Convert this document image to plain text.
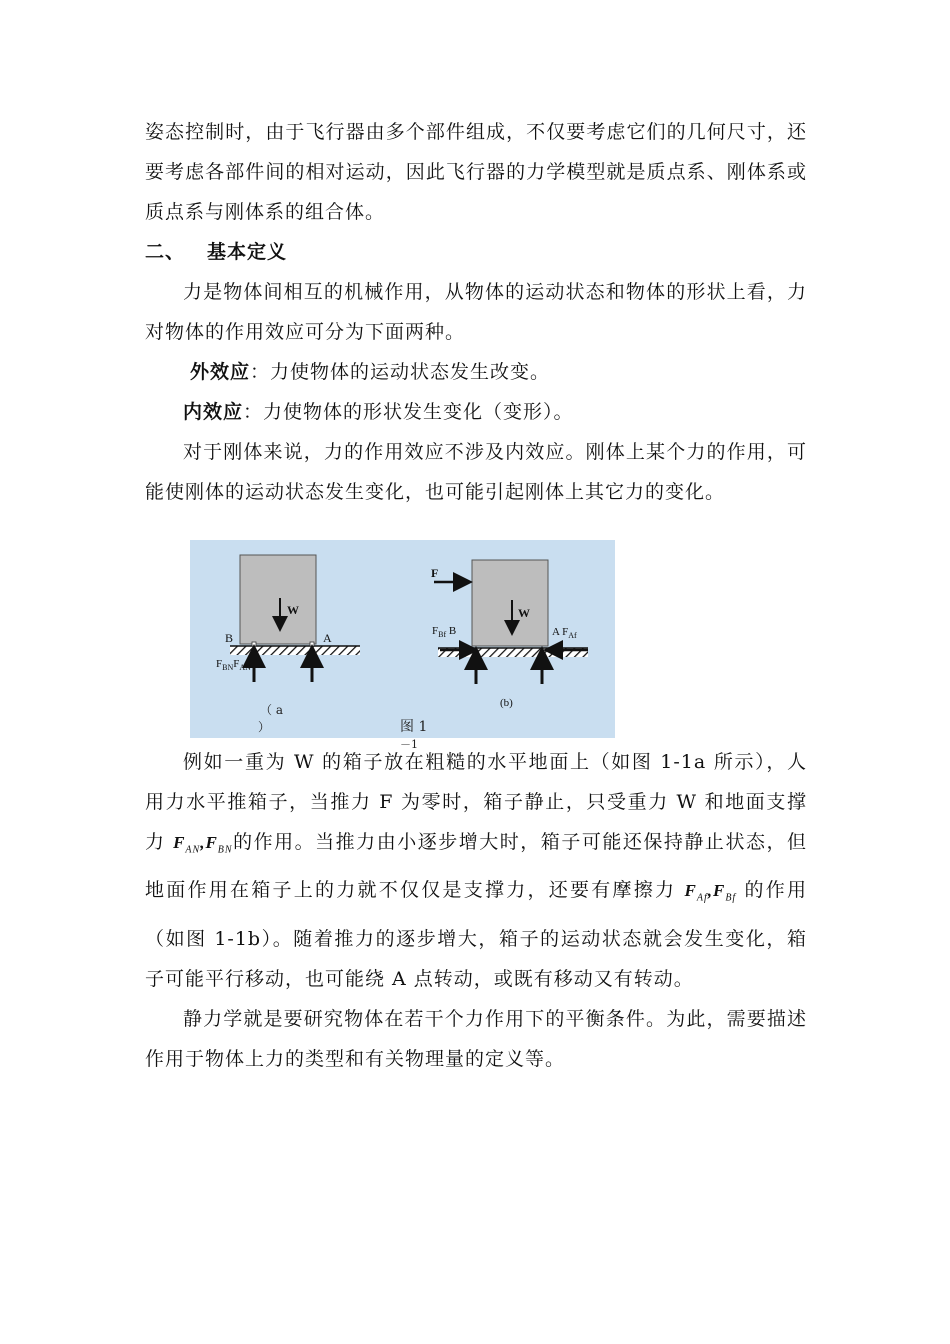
姿态控制时，由于飞行器由多个部件组成，不仅要考虑它们的几何尺寸，还要考虑各部件间的相对运动，因此飞行器的力学模型就是质点系、刚体系或质点系与刚体系的组合体。

二、 基本定义

力是物体间相互的机械作用，从物体的运动状态和物体的形状上看，力对物体的作用效应可分为下面两种。

外效应：力使物体的运动状态发生改变。

内效应：力使物体的形状发生变化（变形）。

对于刚体来说，力的作用效应不涉及内效应。刚体上某个力的作用，可能使刚体的运动状态发生变化，也可能引起刚体上其它力的变化。

W
B	A
$F_{BN}F_{AN}$
（ a
）
F
W
$F_{Bf}$ B	A $F_{Af}$
(b)
图 1
－1

例如一重为 W 的箱子放在粗糙的水平地面上（如图 1-1a 所示），人用力水平推箱子，当推力 F 为零时，箱子静止，只受重力 W 和地面支撑力 $F_{AN},F_{BN}$的作用。当推力由小逐步增大时，箱子可能还保持静止状态，但地面作用在箱子上的力就不仅仅是支撑力，还要有摩擦力 $F_{Af},F_{Bf}$ 的作用（如图 1-1b）。随着推力的逐步增大，箱子的运动状态就会发生变化，箱子可能平行移动，也可能绕 A 点转动，或既有移动又有转动。

静力学就是要研究物体在若干个力作用下的平衡条件。为此，需要描述作用于物体上力的类型和有关物理量的定义等。
